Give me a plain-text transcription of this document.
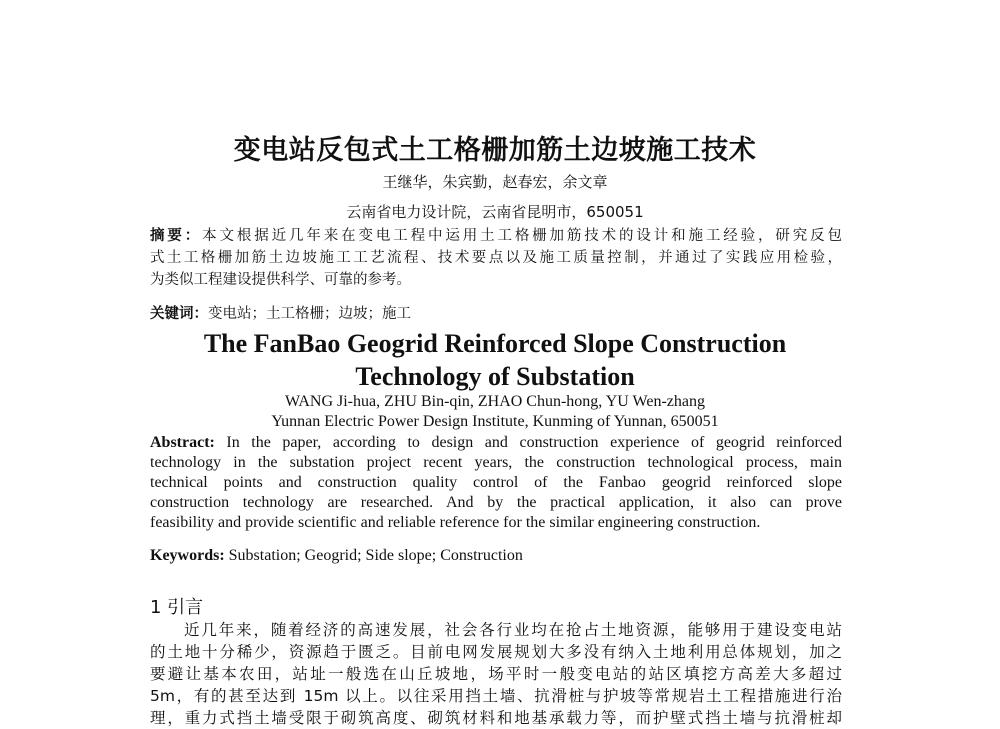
变电站反包式土工格栅加筋土边坡施工技术
王继华，朱宾勤，赵春宏，余文章
云南省电力设计院，云南省昆明市，650051
摘要：本文根据近几年来在变电工程中运用土工格栅加筋技术的设计和施工经验，研究反包
式土工格栅加筋土边坡施工工艺流程、技术要点以及施工质量控制，并通过了实践应用检验，
为类似工程建设提供科学、可靠的参考。
关键词：变电站；土工格栅；边坡；施工
The FanBao Geogrid Reinforced Slope Construction
Technology of Substation
WANG Ji-hua, ZHU Bin-qin, ZHAO Chun-hong, YU Wen-zhang
Yunnan Electric Power Design Institute, Kunming of Yunnan, 650051
Abstract: In the paper, according to design and construction experience of geogrid reinforced
technology in the substation project recent years, the construction technological process, main
technical points and construction quality control of the Fanbao geogrid reinforced slope
construction technology are researched. And by the practical application, it also can prove
feasibility and provide scientific and reliable reference for the similar engineering construction.
Keywords: Substation; Geogrid; Side slope; Construction
1 引言
近几年来，随着经济的高速发展，社会各行业均在抢占土地资源，能够用于建设变电站
的土地十分稀少，资源趋于匮乏。目前电网发展规划大多没有纳入土地利用总体规划，加之
要避让基本农田，站址一般选在山丘坡地，场平时一般变电站的站区填挖方高差大多超过
5m，有的甚至达到 15m 以上。以往采用挡土墙、抗滑桩与护坡等常规岩土工程措施进行治
理，重力式挡土墙受限于砌筑高度、砌筑材料和地基承载力等，而护壁式挡土墙与抗滑桩却
